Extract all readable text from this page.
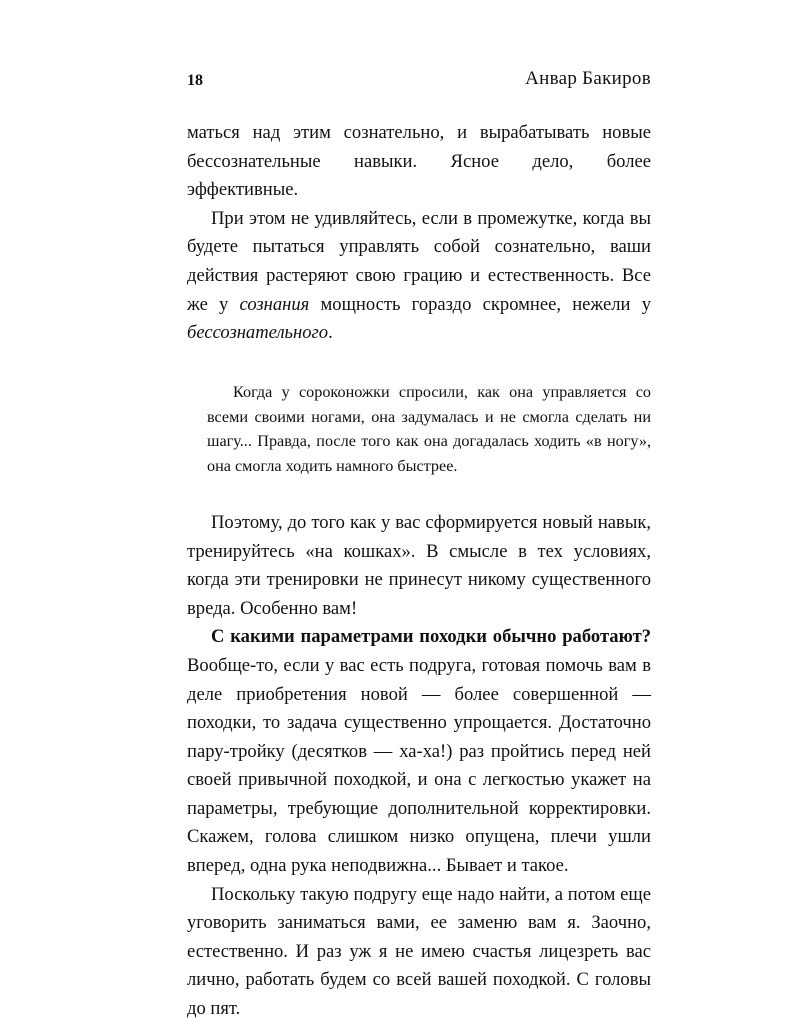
18	Анвар Бакиров

маться над этим сознательно, и вырабатывать новые бессознательные навыки. Ясное дело, более эффективные.

При этом не удивляйтесь, если в промежутке, когда вы будете пытаться управлять собой сознательно, ваши действия растеряют свою грацию и естественность. Все же у сознания мощность гораздо скромнее, нежели у бессознательного.

Когда у сороконожки спросили, как она управляется со всеми своими ногами, она задумалась и не смогла сделать ни шагу... Правда, после того как она догадалась ходить «в ногу», она смогла ходить намного быстрее.

Поэтому, до того как у вас сформируется новый навык, тренируйтесь «на кошках». В смысле в тех условиях, когда эти тренировки не принесут никому существенного вреда. Особенно вам!

С какими параметрами походки обычно работают? Вообще-то, если у вас есть подруга, готовая помочь вам в деле приобретения новой — более совершенной — походки, то задача существенно упрощается. Достаточно пару-тройку (десятков — ха-ха!) раз пройтись перед ней своей привычной походкой, и она с легкостью укажет на параметры, требующие дополнительной корректировки. Скажем, голова слишком низко опущена, плечи ушли вперед, одна рука неподвижна... Бывает и такое.

Поскольку такую подругу еще надо найти, а потом еще уговорить заниматься вами, ее заменю вам я. Заочно, естественно. И раз уж я не имею счастья лицезреть вас лично, работать будем со всей вашей походкой. С головы до пят.
